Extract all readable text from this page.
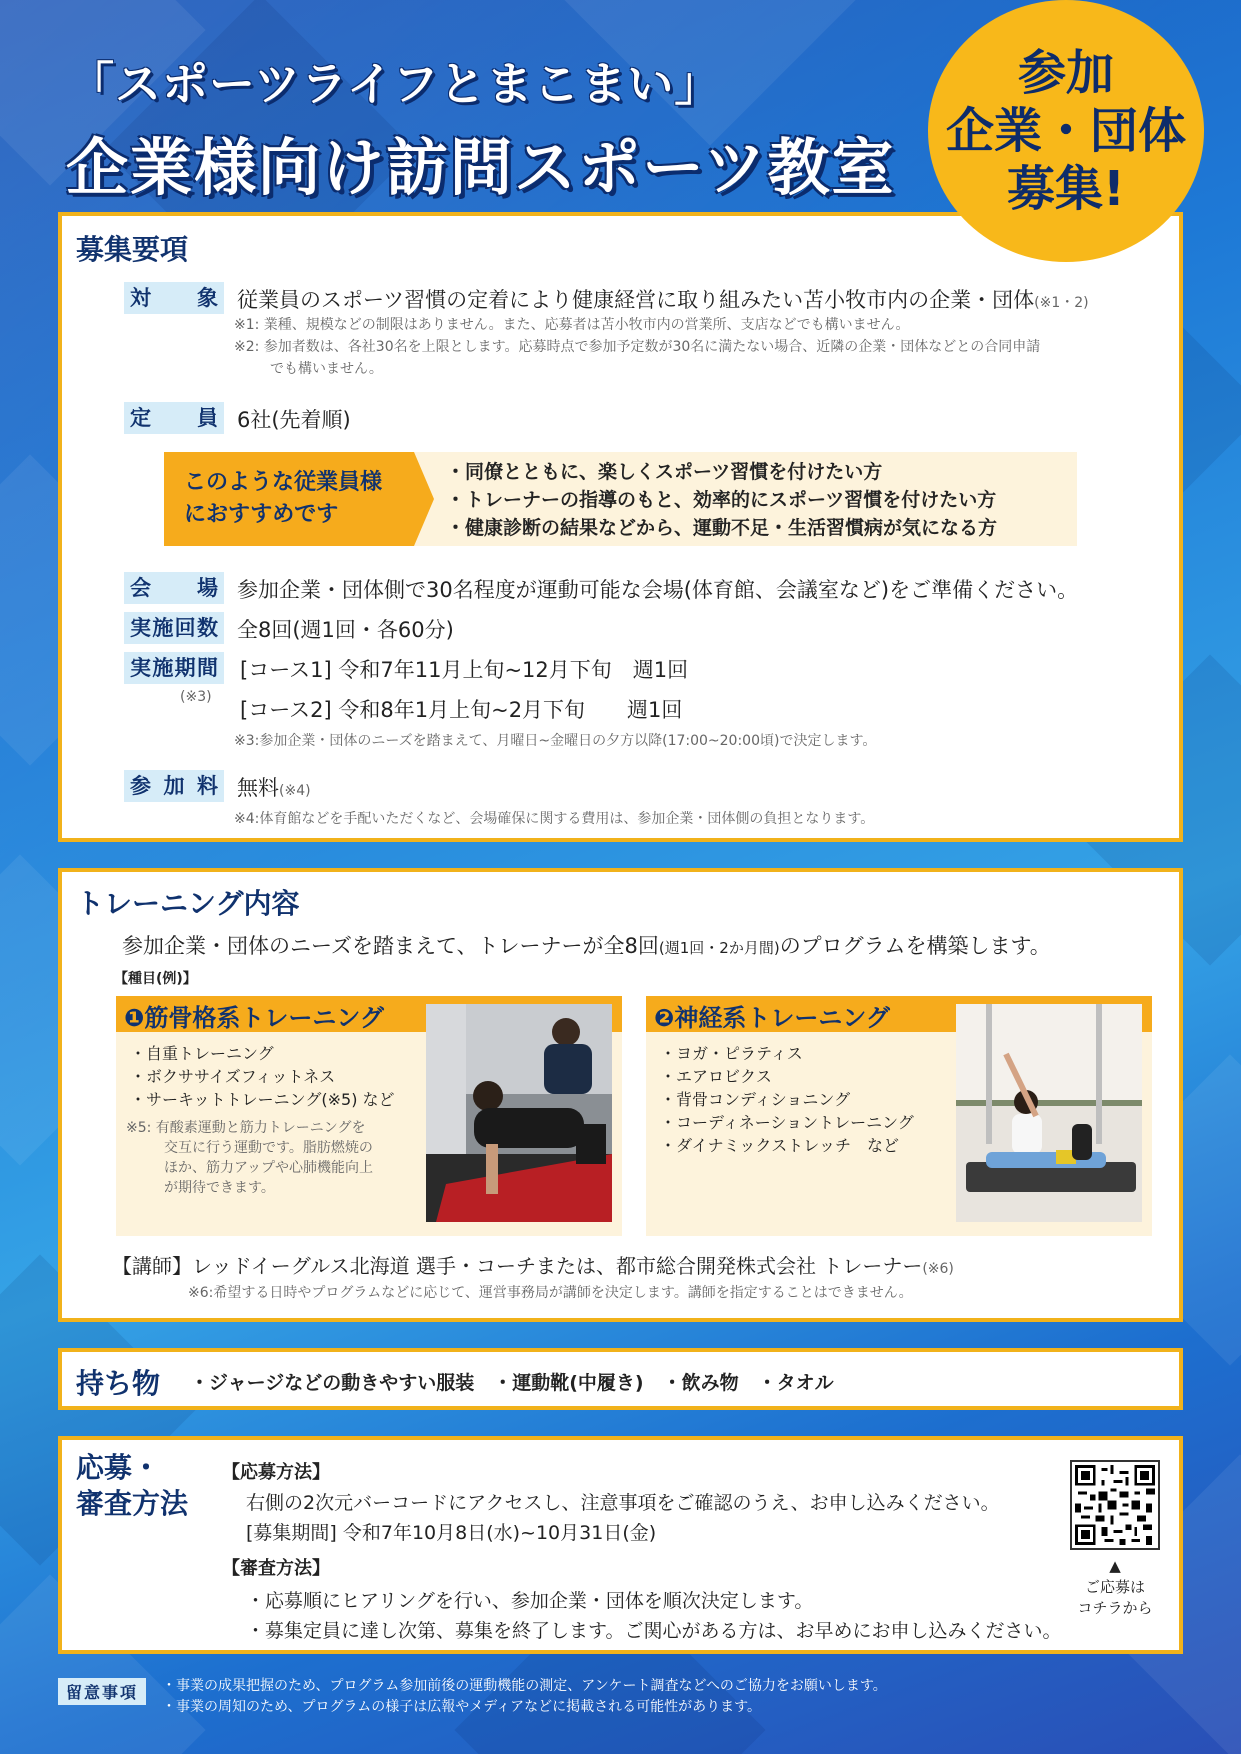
「スポーツライフとまこまい」
企業様向け訪問スポーツ教室
参加
企業・団体
募集!
募集要項
対　象 従業員のスポーツ習慣の定着により健康経営に取り組みたい苫小牧市内の企業・団体(※1・2)
※1: 業種、規模などの制限はありません。また、応募者は苫小牧市内の営業所、支店などでも構いません。
※2: 参加者数は、各社30名を上限とします。応募時点で参加予定数が30名に満たない場合、近隣の企業・団体などとの合同申請
でも構いません。
定　員 6社(先着順)
このような従業員様
におすすめです
・同僚とともに、楽しくスポーツ習慣を付けたい方
・トレーナーの指導のもと、効率的にスポーツ習慣を付けたい方
・健康診断の結果などから、運動不足・生活習慣病が気になる方
会　場 参加企業・団体側で30名程度が運動可能な会場(体育館、会議室など)をご準備ください。
実施回数 全8回(週1回・各60分)
実施期間
(※3)
[コース1] 令和7年11月上旬~12月下旬　週1回
[コース2] 令和8年1月上旬~2月下旬　　週1回
※3:参加企業・団体のニーズを踏まえて、月曜日~金曜日の夕方以降(17:00~20:00頃)で決定します。
参 加 料 無料(※4)
※4:体育館などを手配いただくなど、会場確保に関する費用は、参加企業・団体側の負担となります。
トレーニング内容
参加企業・団体のニーズを踏まえて、トレーナーが全8回(週1回・2か月間)のプログラムを構築します。
【種目(例)】
❶筋骨格系トレーニング
・自重トレーニング
・ボクササイズフィットネス
・サーキットトレーニング(※5) など
※5: 有酸素運動と筋力トレーニングを
交互に行う運動です。脂肪燃焼の
ほか、筋力アップや心肺機能向上
が期待できます。
❷神経系トレーニング
・ヨガ・ピラティス
・エアロビクス
・背骨コンディショニング
・コーディネーショントレーニング
・ダイナミックストレッチ　など
【講師】レッドイーグルス北海道 選手・コーチまたは、都市総合開発株式会社 トレーナー(※6)
※6:希望する日時やプログラムなどに応じて、運営事務局が講師を決定します。講師を指定することはできません。
持ち物 ・ジャージなどの動きやすい服装　・運動靴(中履き)　・飲み物　・タオル
応募・
審査方法
【応募方法】
右側の2次元バーコードにアクセスし、注意事項をご確認のうえ、お申し込みください。
[募集期間] 令和7年10月8日(水)~10月31日(金)
【審査方法】
・応募順にヒアリングを行い、参加企業・団体を順次決定します。
・募集定員に達し次第、募集を終了します。ご関心がある方は、お早めにお申し込みください。
▲
ご応募は
コチラから
留意事項	・事業の成果把握のため、プログラム参加前後の運動機能の測定、アンケート調査などへのご協力をお願いします。
・事業の周知のため、プログラムの様子は広報やメディアなどに掲載される可能性があります。
